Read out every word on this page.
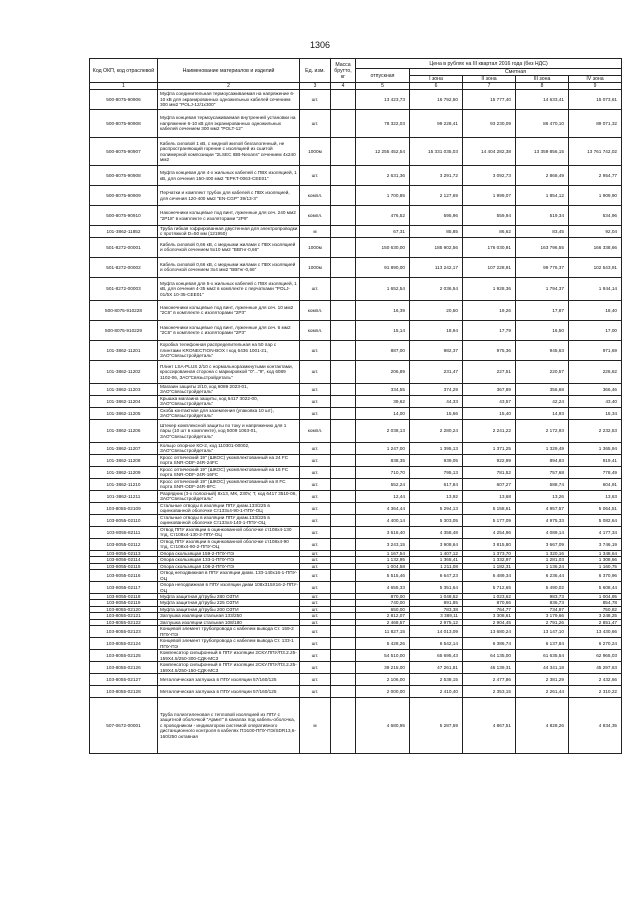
1306
Код ОКП, код отраслевой	Наименование материалов и изделий	Ед. изм.	Масса брутто, кг	Цена в рублях на III квартал 2016 года (без НДС)				
				отпускная	Сметная			
					I зона	II зона	III зона	IV зона
1	2	3	4	5	6	7	8	9
500-8075-90906	Муфта соединительная термоусаживаемая на напряжение 6-10 кВ для экранированных одножильных кабелей сечением 300 мм2 "POLJ-12/1x300"	шт.		13 423,73	16 792,50	15 777,40	14 633,41	15 073,61
500-8075-90908	Муфта концевая термоусаживаемая внутренней установки на напряжение 6-10 кВ для экранированных одножильных кабелей сечением 300 мм2 "POLT-12"	шт.		78 322,03	99 228,41	93 230,09	86 470,10	89 071,32
500-8075-90907	Кабель силовой 1 кВ, с медной жилой безгалогенный, не распространяющий горение с изоляцией из сшитой полимерной композиции "2LSEC IBB-Nexans" сечением 4х240 мм2	1000м		12 255 452,54	15 331 035,03	14 404 282,38	13 359 856,15	13 761 742,02
500-8075-90908	Муфта концевая для 4-х жильных кабелей с ПВХ изоляцией, 1 кВ, для сечения 150-400 мм2 "EPKT-0063-CEE01"	шт.		2 631,36	3 291,72	3 092,73	2 868,49	2 954,77
500-8075-90909	Перчатки и комплект трубок для кабелей с ПВХ изоляцией, для сечения 120-400 мм2 "EN-CGP" 39/13-3"	компл.		1 700,85	2 127,69	1 999,07	1 854,12	1 909,90
500-8075-90910	Наконечники кольцевые под винт, луженные для сеч. 240 мм2 "2Р18" в комплекте с изоляторами "2Р9"	компл.		476,52	595,96	559,94	519,34	534,96
101-3862-11852	Труба гибкая гофрированная двустенная для электропроводки с протяжкой D=50 мм (121950)	м		67,31	85,85	86,62	83,45	92,04
501-8272-00001	Кабель силовой 0,66 кВ, с медными жилами с ПВХ изоляцией и оболочкой сечением 5х10 мм2 "ВВГнг-0,66"	1000м		150 630,00	185 902,56	176 030,91	163 796,55	166 338,66
501-8272-00002	Кабель силовой 0,66 кВ, с медными жилами с ПВХ изоляцией и оболочкой сечением 3х4 мм2 "ВВГнг-0,66"	1000м		91 890,00	113 242,17	107 228,91	99 776,37	102 543,91
501-8272-00003	Муфта концевая для 5-х жильных кабелей с ПВХ изоляцией, 1 кВ, для сечения 4-35 мм2 в комплекте с перчатками "POLJ-01/5X 10-35-CEE01"	шт.		1 652,54	2 036,54	1 928,36	1 794,37	1 844,14
500-8075-910228	Наконечники кольцевые под винт, луженные для сеч. 10 мм2 "2С6" в комплекте с изоляторами "2Р3"	компл.		16,39	20,50	19,26	17,87	18,40
500-8075-910229	Наконечники кольцевые под винт, луженные для сеч. 6 мм2 "2С6" в комплекте с изоляторами "2Р3"	компл.		15,14	18,94	17,79	16,50	17,00
101-3862-11201	Коробка телефонная распределительная на 50 пар с плинтами KRONECTION-BOX I код 6436 1001-21, ЗАО"Связьстройдеталь"	шт.		887,00	982,37	975,36	945,63	971,69
101-3862-11202	Плинт LSA-PLUS 2/10 с нормальноразмкнутыми контактами, кроссированная сторона с маркировкой "0"..."9", код 6089 1102-06, ЗАО"Связьстройдеталь"	шт.		206,89	231,47	227,51	220,57	226,62
101-3862-11203	Магазин защиты 2/10, код 6089 2023-01, ЗАО"Связьстройдеталь"	шт.		334,55	374,29	367,89	356,68	366,46
101-3862-11204	Крышка магазина защиты, код 6417 3022-00, ЗАО"Связьстройдеталь"	шт.		39,62	44,33	43,57	42,24	43,40
101-3862-11205	Скоба контактная для заземления (упаковка 10 шт), ЗАО"Связьстройдеталь"	шт.		14,00	15,66	15,40	14,93	15,34
101-3862-11206	Штекер комплексной защиты по току и напряжению для 1 пары (10 шт в комплекте), код 5009 1063-01, ЗАО"Связьстройдеталь"	компл.		2 038,13	2 280,24	2 241,22	2 172,93	2 232,53
101-3862-11207	Кольцо опорное КО-2, код 110301-00002, ЗАО"Связьстройдеталь"	шт.		1 247,00	1 395,13	1 371,25	1 329,49	1 365,94
101-3862-11208	Кросс оптический 19" (ШКОС) укомплектованный на 24 FC порта SNR-ODF-24R-24FC	шт.		838,35	939,05	922,99	894,83	919,41
101-3862-11209	Кросс оптический 19" (ШКОС) укомплектованный на 16 FC порта SNR-ODF-24R-16FC	шт.		710,70	795,13	781,52	757,68	778,49
101-3862-11210	Кросс оптический 19" (ШКОС) укомплектованный на 8 FC порта SNR-ODF-24R-8FC	шт.		552,24	617,84	607,27	588,74	604,91
101-3862-11211	Разрядник (3-х полосный) 8х13, МК, 230V, Т, код 6417 3510-06, ЗАО"Связьстройдеталь"	шт.		12,44	13,92	13,68	13,26	13,63
103-8055-02109	Стальные отводы в изоляции ППУ диам.133/225 в оцинкованной оболочке Ст133х4-90-1-ППУ-ОЦ	шт.		4 364,44	5 294,13	5 158,61	4 957,57	5 064,51
103-8055-02110	Стальные отводы в изоляции ППУ диам.133/225 в оцинкованной оболочке Ст133х4-140-1-ППУ-ОЦ	шт.		4 400,14	5 303,05	5 177,09	4 975,33	5 082,64
103-8055-82111	Отвод ППУ изоляции в оцинкованной оболочке ст108х4-130 тпд, Ст108х4-130-2-ППУ-ОЦ	шт.		3 616,40	4 358,48	4 254,96	4 089,14	4 177,34
103-8055-02112	Отвод ППУ изоляции в оцинкованной оболочке ст108х4-90 тпд, Ст108х4-90-2-ППУ-ОЦ	шт.		3 243,15	3 908,64	3 815,80	3 667,09	3 746,19
103-8055-02113	Опора скользящая 159-2-ППУ-ПЭ	шт.		1 167,54	1 407,12	1 373,70	1 320,16	1 348,64
103-8055-02114	Опора скользящая 133-1-ППУ-ПЭ	шт.		1 132,95	1 365,41	1 332,97	1 281,03	1 308,66
103-8055-02115	Опора скользящая 108-2-ППУ-ПЭ	шт.		1 004,58	1 211,08	1 182,31	1 136,24	1 160,75
103-8055-02116	Отвод неподвижная в ППУ изоляции диам. 133-140х16-1-ППУ-ОЦ	шт.		5 515,46	6 647,23	6 489,34	6 236,44	6 370,96
103-8055-02117	Опора неподвижная в ППУ изоляции диам 108х315Х16-2-ППУ-ОЦ	шт.		4 655,33	5 351,64	5 712,65	5 490,02	5 608,44
103-8055-02118	Муфта защитная д/трубы 280 ОЗТИ	шт.		870,00	1 048,52	1 023,62	983,73	1 004,95
103-8055-02119	Муфта защитная д/трубы 225 ОЗТИ	шт.		740,00	891,85	870,66	836,73	854,78
103-8055-02120	Муфта защитная д/трубы 200 ОЗТИ	шт.		650,00	783,38	764,77	734,97	750,82
103-8055-02121	Заглушка изоляции стальная 133/250	шт.		2 812,07	3 389,11	3 308,61	3 179,66	3 248,25
103-8055-02122	Заглушка изоляции стальная 108/180	шт.		2 468,57	2 975,12	2 904,45	2 791,26	2 851,47
103-8055-02123	Концевой элемент трубопровода с кабелем вывода Ст. 159-2 ППУ-ПЭ	шт.		11 827,15	14 013,09	13 680,24	13 147,10	13 430,66
103-8055-02124	Концевой элемент трубопровода с кабелем вывода Ст. 133-1 ППУ-ПЭ	шт.		5 428,26	6 542,14	6 386,74	6 137,84	6 270,24
103-8055-02125	Компенсатор сильфонный в ППУ изоляции 2СКУ.ППУ/П3.2.25-159Х4.5/250-300-СДК-МСЗ	шт.		54 510,00	65 695,43	64 135,00	61 635,54	62 965,03
103-8055-02126	Компенсатор сильфонный в ППУ изоляции 2СКУ.ППУ/П3.2.25-159Х4.5/250-150-СДК-МСЗ	шт.		39 215,00	47 261,81	46 139,31	44 341,18	45 297,63
103-8055-02127	Металлическая заглушка в ППУ изоляции 57/160/125	шт.		2 106,00	2 538,15	2 477,86	2 381,29	2 432,66
103-8055-02128	Металлическая заглушка в ППУ изоляции 57/160/125	шт.		2 000,00	2 410,40	2 353,15	2 261,44	2 310,22
507-0672-00001	Труба полиэтиленовая с тепловой изоляцией из ППУ с защитной оболочкой "Армит" в каналах под кабель-оболочка, с проводником - индикатором системой оперативного дистанционного контроля в кабелях ПЭ100-ППУ-ПЭ/SDR13,6-160/250 октавная	м		4 680,95	5 287,59	4 867,51	4 828,26	4 834,35
